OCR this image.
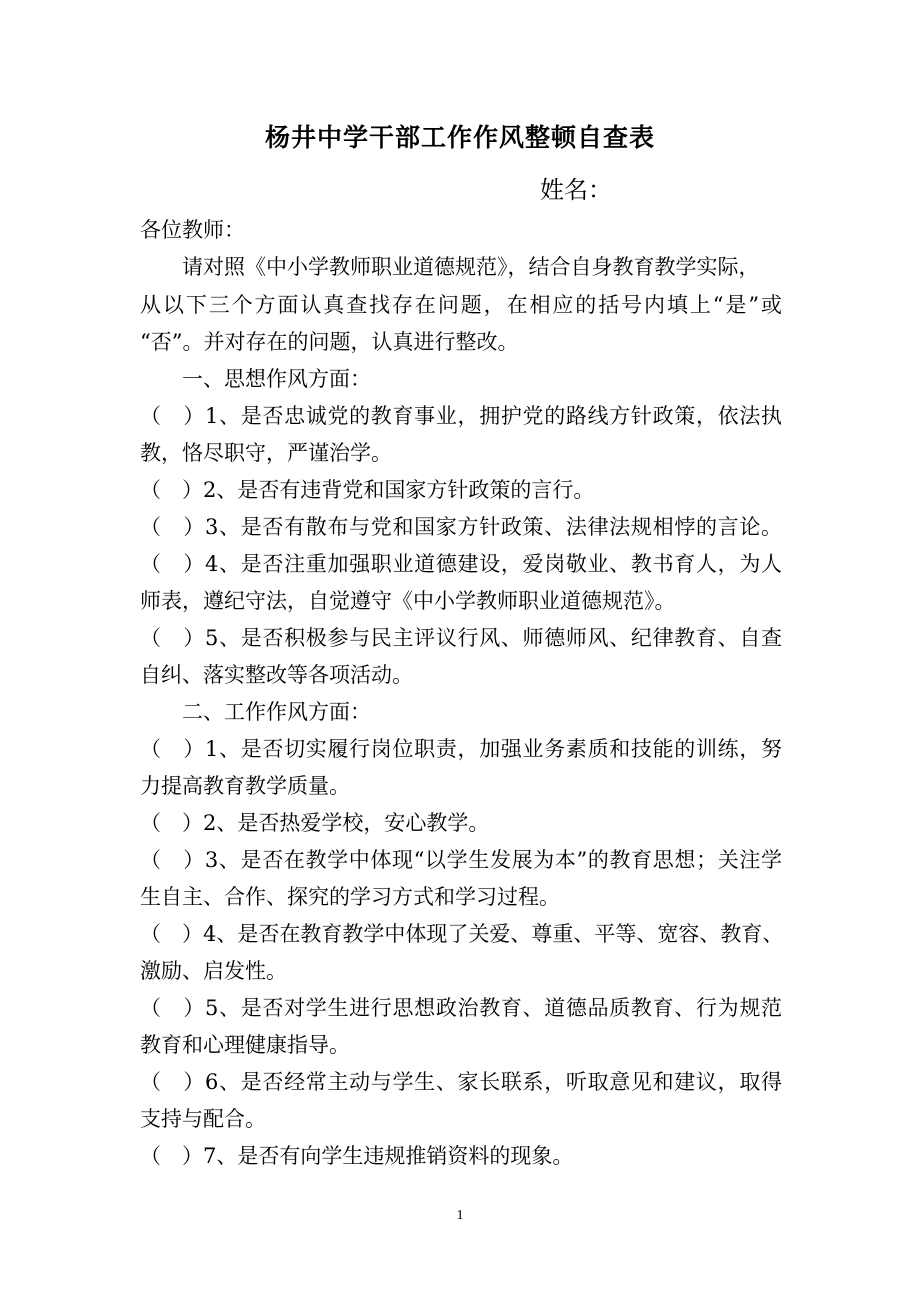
杨井中学干部工作作风整顿自查表
姓名：
各位教师：
请对照《中小学教师职业道德规范》，结合自身教育教学实际，
从以下三个方面认真查找存在问题，在相应的括号内填上“是”或
“否”。并对存在的问题，认真进行整改。
一、思想作风方面：
（　）1、是否忠诚党的教育事业，拥护党的路线方针政策，依法执
教，恪尽职守，严谨治学。
（　）2、是否有违背党和国家方针政策的言行。
（　）3、是否有散布与党和国家方针政策、法律法规相悖的言论。
（　）4、是否注重加强职业道德建设，爱岗敬业、教书育人，为人
师表，遵纪守法，自觉遵守《中小学教师职业道德规范》。
（　）5、是否积极参与民主评议行风、师德师风、纪律教育、自查
自纠、落实整改等各项活动。
二、工作作风方面：
（　）1、是否切实履行岗位职责，加强业务素质和技能的训练，努
力提高教育教学质量。
（　）2、是否热爱学校，安心教学。
（　）3、是否在教学中体现“以学生发展为本”的教育思想；关注学
生自主、合作、探究的学习方式和学习过程。
（　）4、是否在教育教学中体现了关爱、尊重、平等、宽容、教育、
激励、启发性。
（　）5、是否对学生进行思想政治教育、道德品质教育、行为规范
教育和心理健康指导。
（　）6、是否经常主动与学生、家长联系，听取意见和建议，取得
支持与配合。
（　）7、是否有向学生违规推销资料的现象。
1
